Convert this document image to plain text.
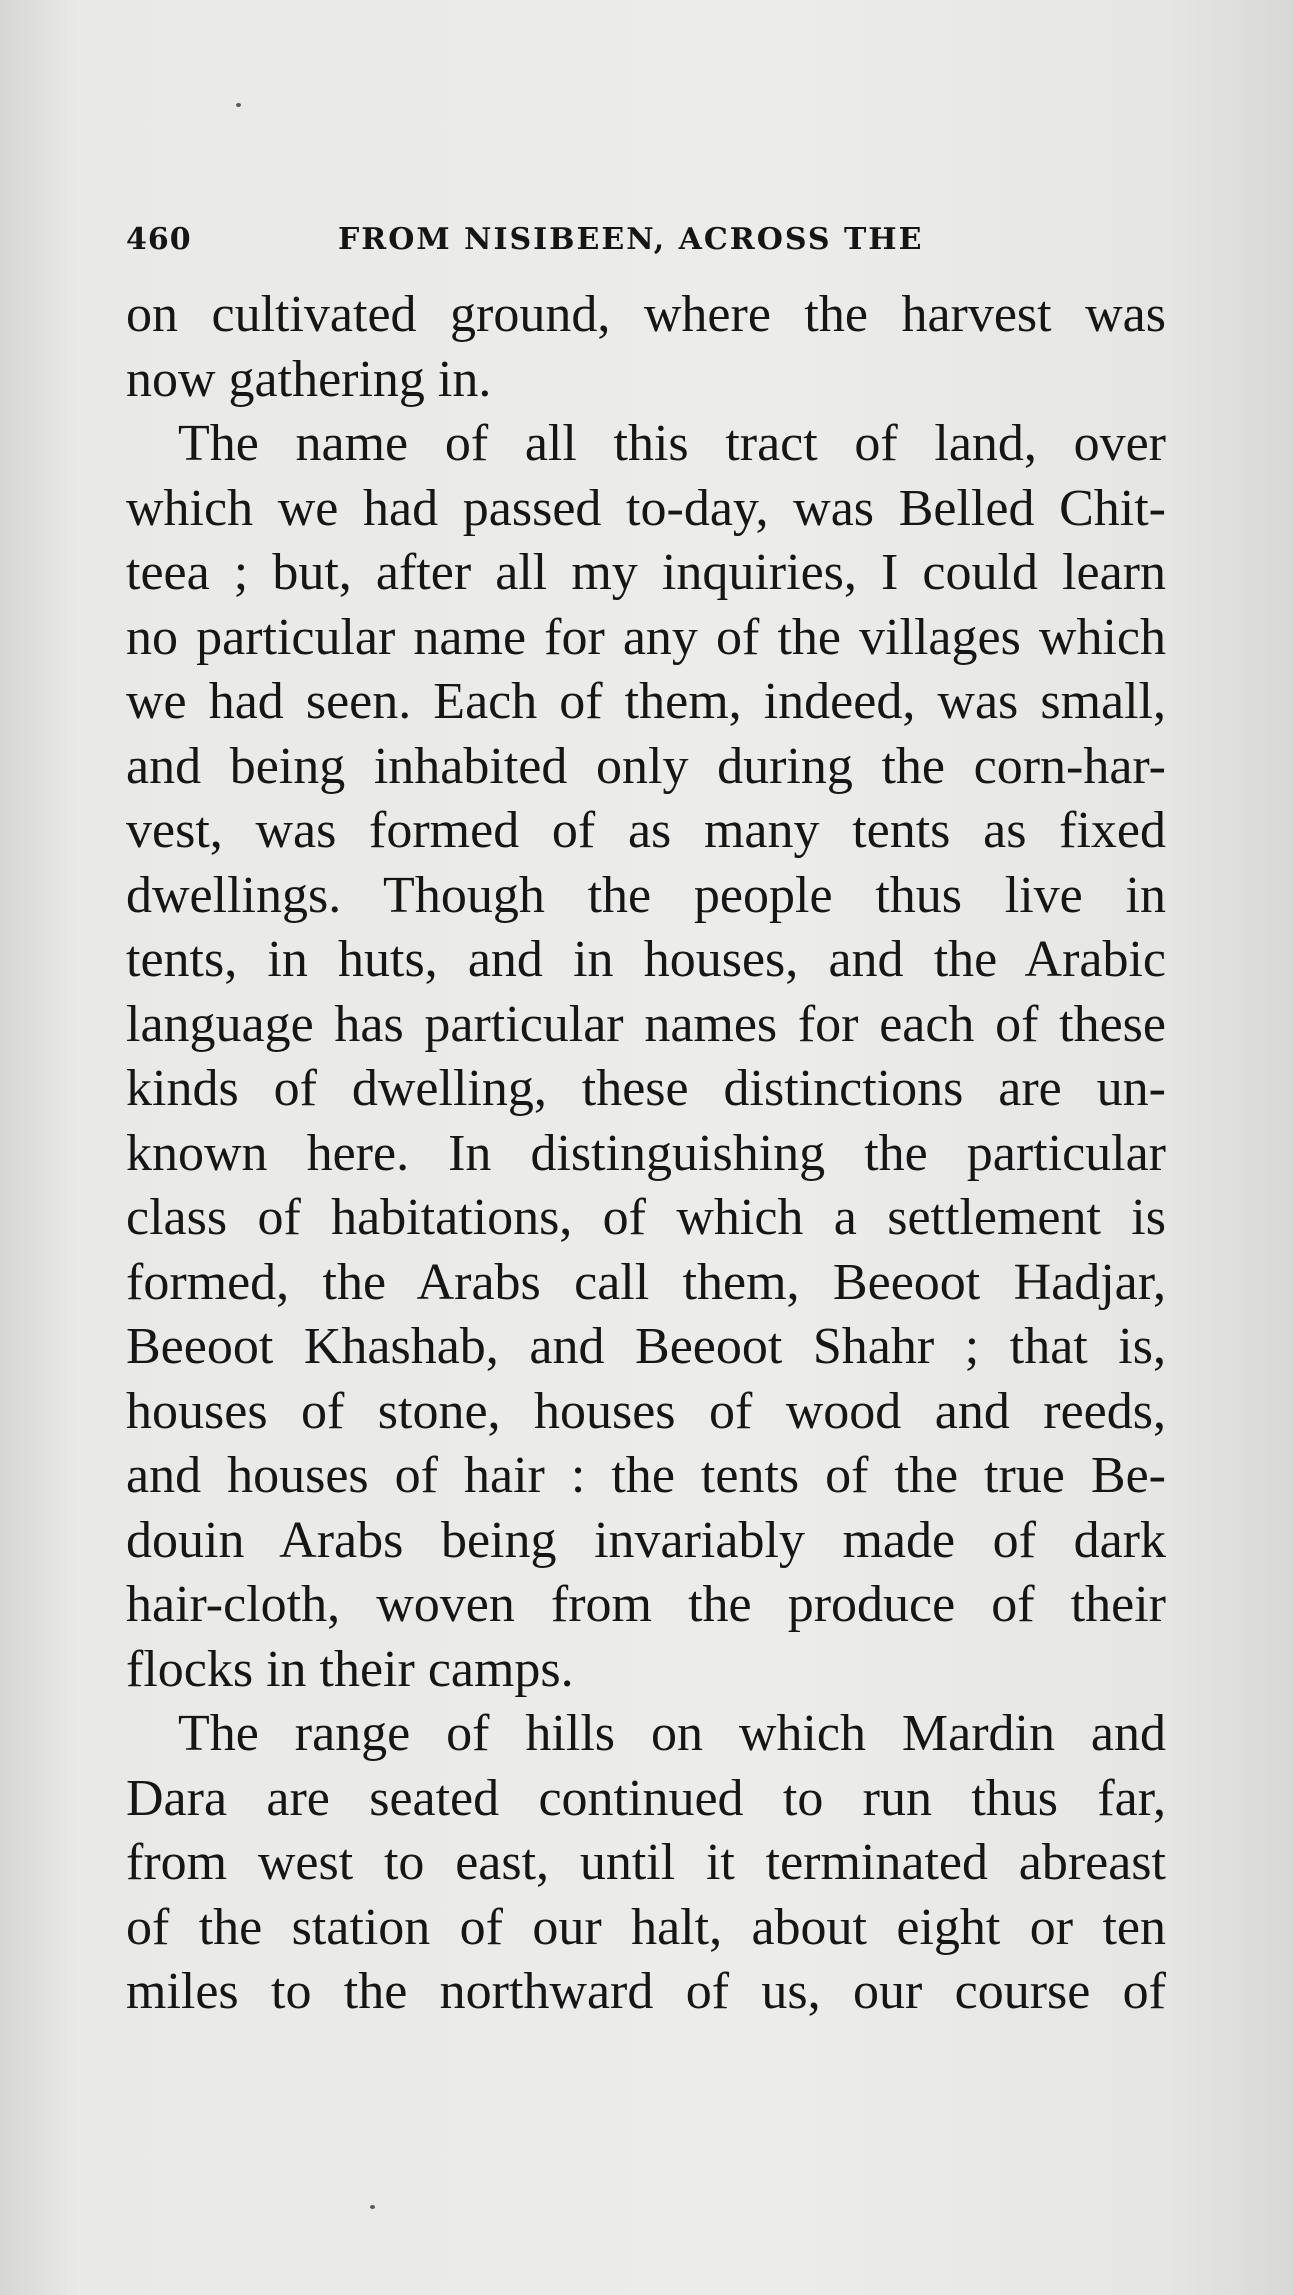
460	FROM NISIBEEN, ACROSS THE
on cultivated ground, where the harvest was
now gathering in.
The name of all this tract of land, over
which we had passed to-day, was Belled Chit-
teea ; but, after all my inquiries, I could learn
no particular name for any of the villages which
we had seen. Each of them, indeed, was small,
and being inhabited only during the corn-har-
vest, was formed of as many tents as fixed
dwellings. Though the people thus live in
tents, in huts, and in houses, and the Arabic
language has particular names for each of these
kinds of dwelling, these distinctions are un-
known here. In distinguishing the particular
class of habitations, of which a settlement is
formed, the Arabs call them, Beeoot Hadjar,
Beeoot Khashab, and Beeoot Shahr ; that is,
houses of stone, houses of wood and reeds,
and houses of hair : the tents of the true Be-
douin Arabs being invariably made of dark
hair-cloth, woven from the produce of their
flocks in their camps.
The range of hills on which Mardin and
Dara are seated continued to run thus far,
from west to east, until it terminated abreast
of the station of our halt, about eight or ten
miles to the northward of us, our course of
